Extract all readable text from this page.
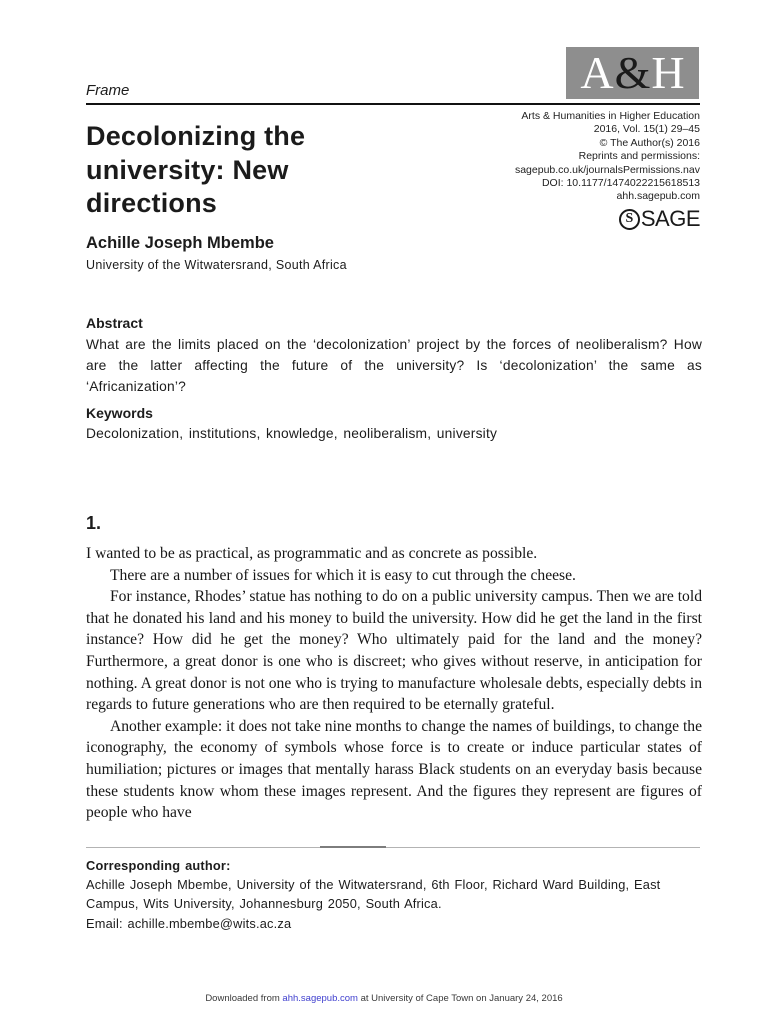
Frame	A & H
Arts & Humanities in Higher Education
2016, Vol. 15(1) 29–45
© The Author(s) 2016
Reprints and permissions:
sagepub.co.uk/journalsPermissions.nav
DOI: 10.1177/1474022215618513
ahh.sagepub.com
S SAGE
Decolonizing the
university: New
directions
Achille Joseph Mbembe
University of the Witwatersrand, South Africa
Abstract
What are the limits placed on the ‘decolonization’ project by the forces of neoliberalism? How are the latter affecting the future of the university? Is ‘decolonization’ the same as ‘Africanization’?
Keywords
Decolonization, institutions, knowledge, neoliberalism, university
1.

I wanted to be as practical, as programmatic and as concrete as possible.

There are a number of issues for which it is easy to cut through the cheese.

For instance, Rhodes’ statue has nothing to do on a public university campus. Then we are told that he donated his land and his money to build the university. How did he get the land in the first instance? How did he get the money? Who ultimately paid for the land and the money? Furthermore, a great donor is one who is discreet; who gives without reserve, in anticipation for nothing. A great donor is not one who is trying to manufacture wholesale debts, especially debts in regards to future generations who are then required to be eternally grateful.

Another example: it does not take nine months to change the names of buildings, to change the iconography, the economy of symbols whose force is to create or induce particular states of humiliation; pictures or images that mentally harass Black students on an everyday basis because these students know whom these images represent. And the figures they represent are figures of people who have

Corresponding author:
Achille Joseph Mbembe, University of the Witwatersrand, 6th Floor, Richard Ward Building, East Campus, Wits University, Johannesburg 2050, South Africa.
Email: achille.mbembe@wits.ac.za
Downloaded from ahh.sagepub.com at University of Cape Town on January 24, 2016
